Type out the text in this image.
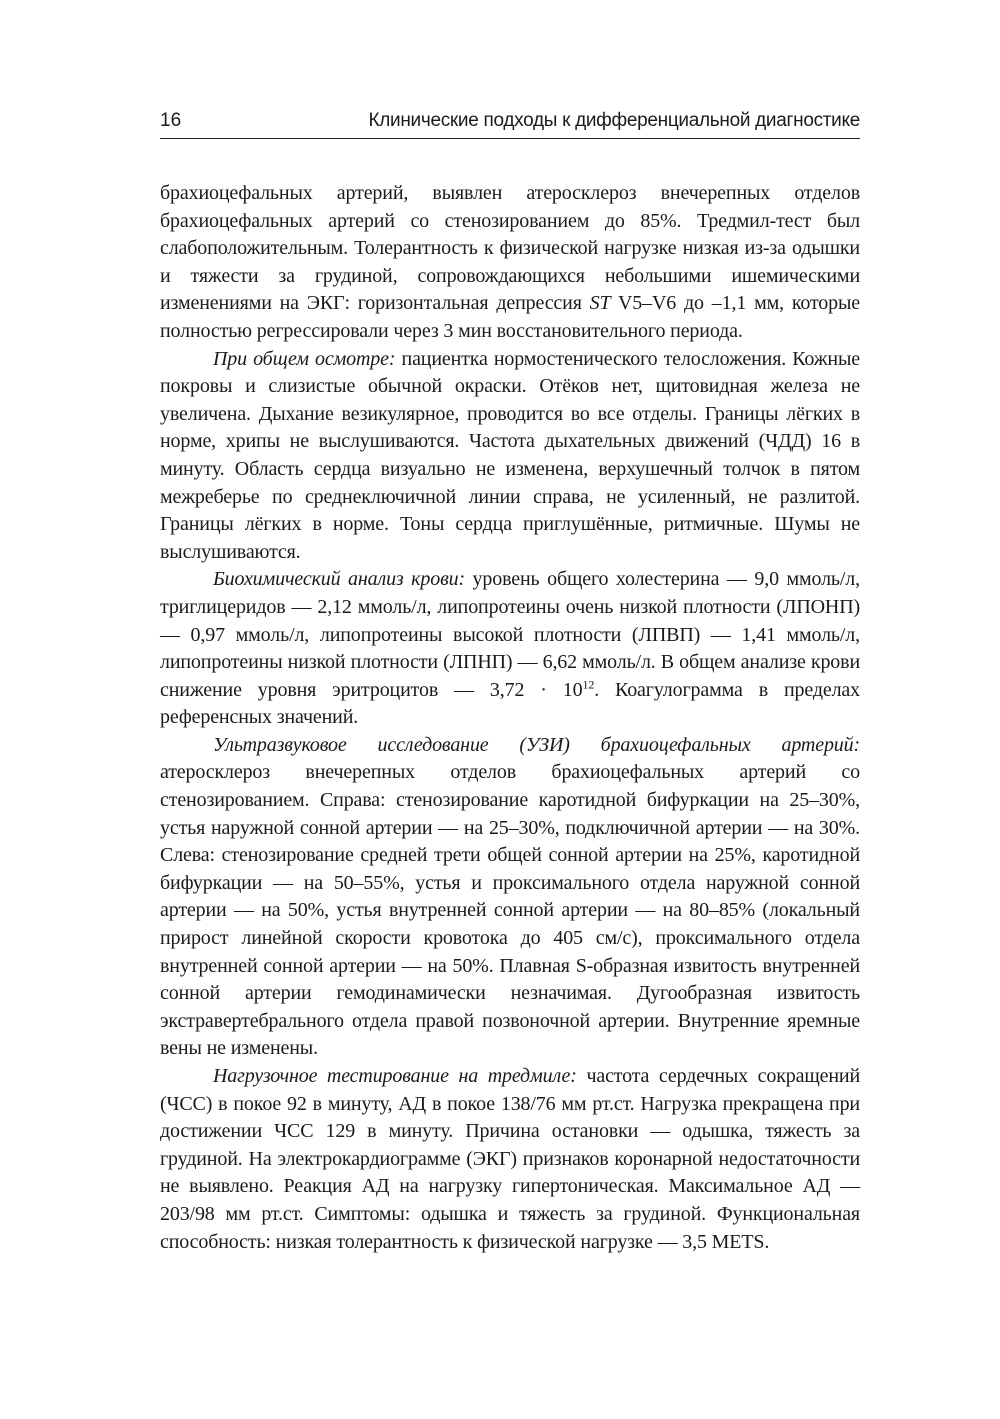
16	Клинические подходы к дифференциальной диагностике

брахиоцефальных артерий, выявлен атеросклероз внечерепных отделов брахиоцефальных артерий со стенозированием до 85%. Тредмил-тест был слабоположительным. Толерантность к физической нагрузке низкая из-за одышки и тяжести за грудиной, сопровождающихся небольшими ишемическими изменениями на ЭКГ: горизонтальная депрессия ST V5–V6 до –1,1 мм, которые полностью регрессировали через 3 мин восстановительного периода.

При общем осмотре: пациентка нормостенического телосложения. Кожные покровы и слизистые обычной окраски. Отёков нет, щитовидная железа не увеличена. Дыхание везикулярное, проводится во все отделы. Границы лёгких в норме, хрипы не выслушиваются. Частота дыхательных движений (ЧДД) 16 в минуту. Область сердца визуально не изменена, верхушечный толчок в пятом межреберье по среднеключичной линии справа, не усиленный, не разлитой. Границы лёгких в норме. Тоны сердца приглушённые, ритмичные. Шумы не выслушиваются.

Биохимический анализ крови: уровень общего холестерина — 9,0 ммоль/л, триглицеридов — 2,12 ммоль/л, липопротеины очень низкой плотности (ЛПОНП) — 0,97 ммоль/л, липопротеины высокой плотности (ЛПВП) — 1,41 ммоль/л, липопротеины низкой плотности (ЛПНП) — 6,62 ммоль/л. В общем анализе крови снижение уровня эритроцитов — $3,72 \cdot 10^{12}$. Коагулограмма в пределах референсных значений.

Ультразвуковое исследование (УЗИ) брахиоцефальных артерий: атеросклероз внечерепных отделов брахиоцефальных артерий со стенозированием. Справа: стенозирование каротидной бифуркации на 25–30%, устья наружной сонной артерии — на 25–30%, подключичной артерии — на 30%. Слева: стенозирование средней трети общей сонной артерии на 25%, каротидной бифуркации — на 50–55%, устья и проксимального отдела наружной сонной артерии — на 50%, устья внутренней сонной артерии — на 80–85% (локальный прирост линейной скорости кровотока до 405 см/с), проксимального отдела внутренней сонной артерии — на 50%. Плавная S-образная извитость внутренней сонной артерии гемодинамически незначимая. Дугообразная извитость экстравертебрального отдела правой позвоночной артерии. Внутренние яремные вены не изменены.

Нагрузочное тестирование на тредмиле: частота сердечных сокращений (ЧСС) в покое 92 в минуту, АД в покое 138/76 мм рт.ст. Нагрузка прекращена при достижении ЧСС 129 в минуту. Причина остановки — одышка, тяжесть за грудиной. На электрокардиограмме (ЭКГ) признаков коронарной недостаточности не выявлено. Реакция АД на нагрузку гипертоническая. Максимальное АД — 203/98 мм рт.ст. Симптомы: одышка и тяжесть за грудиной. Функциональная способность: низкая толерантность к физической нагрузке — 3,5 METS.
